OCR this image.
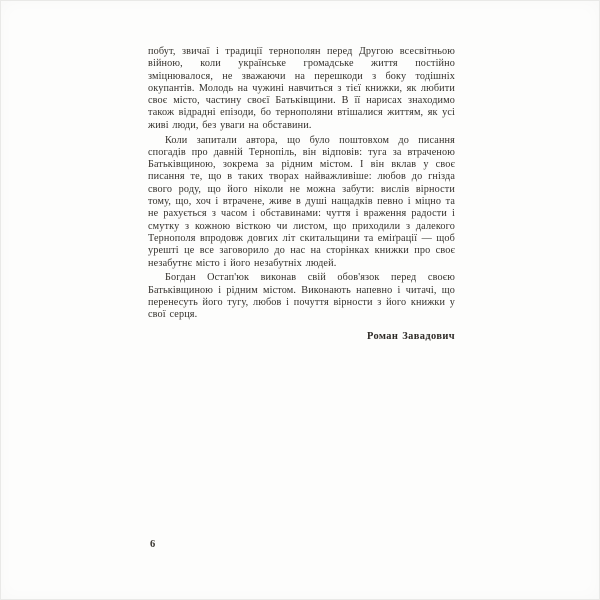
побут, звичаї і традиції тернополян перед Другою всесвітньою війною, коли українське громадське життя постійно зміцнювалося, не зважаючи на перешкоди з боку тодішніх окупантів. Молодь на чужині навчиться з тієї книжки, як любити своє місто, частину своєї Батьківщини. В її нарисах знаходимо також відрадні епізоди, бо тернополяни втішалися життям, як усі живі люди, без уваги на обставини.

Коли запитали автора, що було поштовхом до писання спогадів про давній Тернопіль, він відповів: туга за втраченою Батьківщиною, зокрема за рідним містом. І він вклав у своє писання те, що в таких творах найважливіше: любов до гнізда свого роду, що його ніколи не можна забути: вислів вірности тому, що, хоч і втрачене, живе в душі нащадків певно і міцно та не рахується з часом і обставинами: чуття і враження радости і смутку з кожною вісткою чи листом, що приходили з далекого Тернополя впродовж довгих літ скитальщини та еміґрації — щоб урешті це все заговорило до нас на сторінках книжки про своє незабутнє місто і його незабутніх людей.

Богдан Остап'юк виконав свій обов'язок перед своєю Батьківщиною і рідним містом. Виконають напевно і читачі, що перенесуть його тугу, любов і почуття вірности з його книжки у свої серця.

Роман Завадович
6
